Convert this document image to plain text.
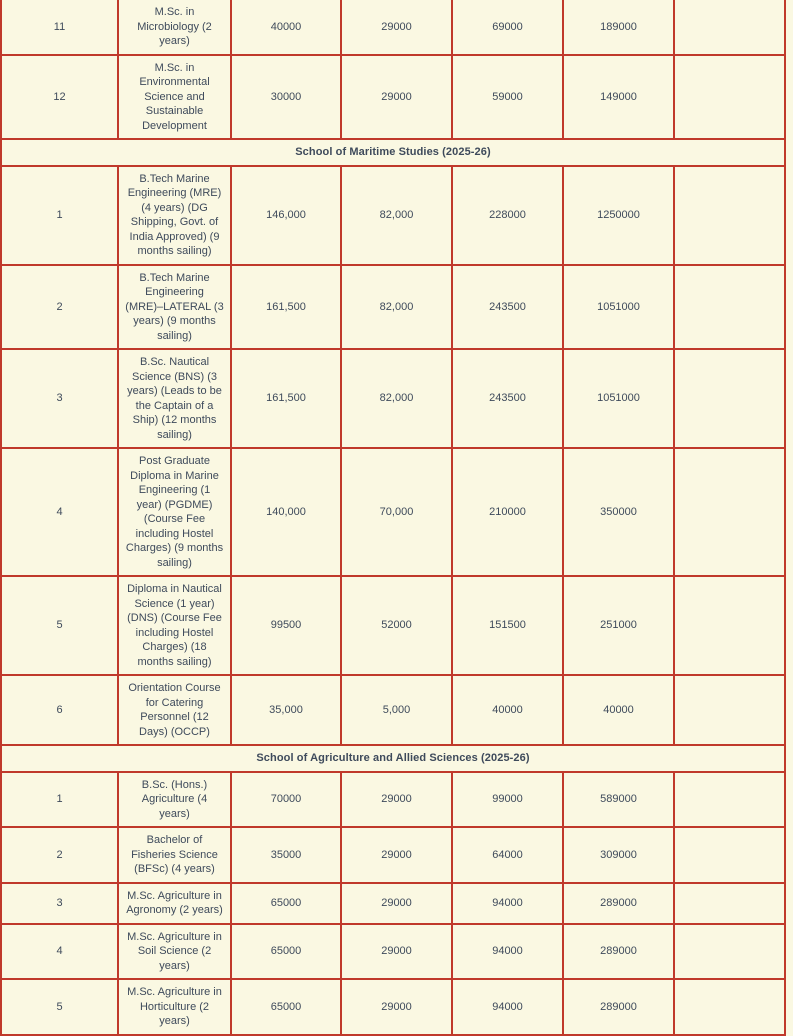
11	M.Sc. in Microbiology (2 years)	40000	29000	69000	189000	
12	M.Sc. in Environmental Science and Sustainable Development	30000	29000	59000	149000	
School of Maritime Studies (2025-26)						
1	B.Tech Marine Engineering (MRE) (4 years) (DG Shipping, Govt. of India Approved) (9 months sailing)	146,000	82,000	228000	1250000	
2	B.Tech Marine Engineering (MRE)–LATERAL (3 years) (9 months sailing)	161,500	82,000	243500	1051000	
3	B.Sc. Nautical Science (BNS) (3 years) (Leads to be the Captain of a Ship) (12 months sailing)	161,500	82,000	243500	1051000	
4	Post Graduate Diploma in Marine Engineering (1 year) (PGDME) (Course Fee including Hostel Charges) (9 months sailing)	140,000	70,000	210000	350000	
5	Diploma in Nautical Science (1 year) (DNS) (Course Fee including Hostel Charges) (18 months sailing)	99500	52000	151500	251000	
6	Orientation Course for Catering Personnel (12 Days) (OCCP)	35,000	5,000	40000	40000	
School of Agriculture and Allied Sciences (2025-26)						
1	B.Sc. (Hons.) Agriculture (4 years)	70000	29000	99000	589000	
2	Bachelor of Fisheries Science (BFSc) (4 years)	35000	29000	64000	309000	
3	M.Sc. Agriculture in Agronomy (2 years)	65000	29000	94000	289000	
4	M.Sc. Agriculture in Soil Science (2 years)	65000	29000	94000	289000	
5	M.Sc. Agriculture in Horticulture (2 years)	65000	29000	94000	289000	
